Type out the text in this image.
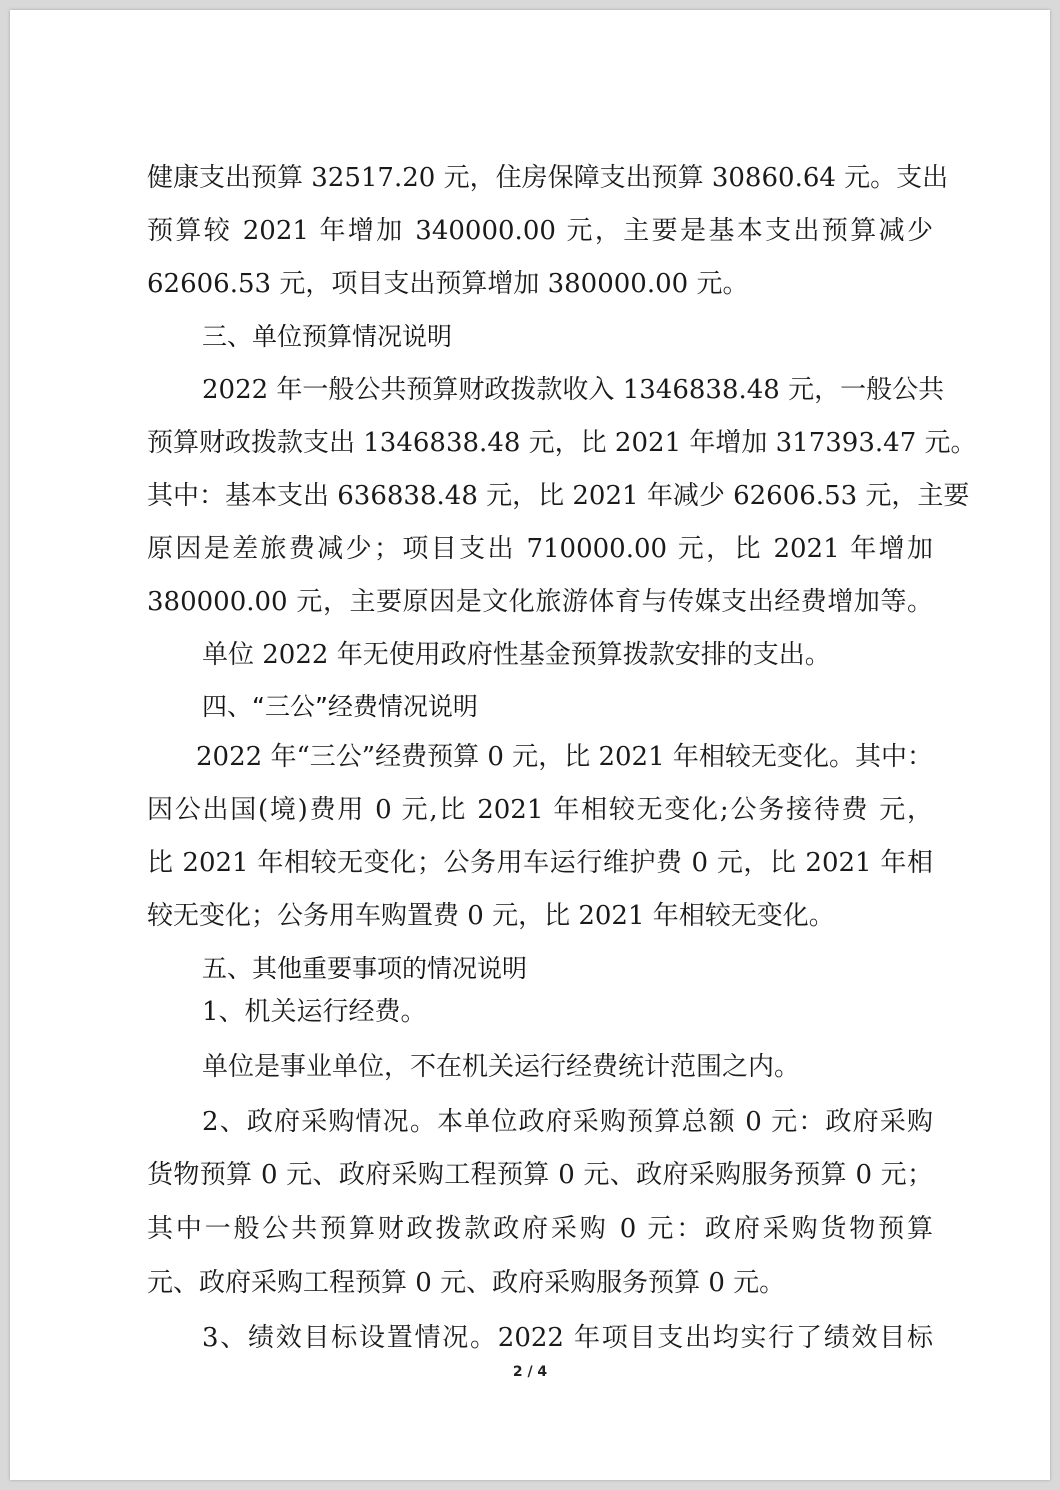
健康支出预算 32517.20 元，住房保障支出预算 30860.64 元。支出
预算较 2021 年增加 340000.00 元，主要是基本支出预算减少
62606.53 元，项目支出预算增加 380000.00 元。
三、单位预算情况说明
2022 年一般公共预算财政拨款收入 1346838.48 元，一般公共
预算财政拨款支出 1346838.48 元，比 2021 年增加 317393.47 元。
其中：基本支出 636838.48 元，比 2021 年减少 62606.53 元，主要
原因是差旅费减少；项目支出 710000.00 元，比 2021 年增加
380000.00 元，主要原因是文化旅游体育与传媒支出经费增加等。
单位 2022 年无使用政府性基金预算拨款安排的支出。
四、“三公”经费情况说明
2022 年“三公”经费预算 0 元，比 2021 年相较无变化。其中：
因公出国(境)费用 0 元,比 2021 年相较无变化;公务接待费 元，
比 2021 年相较无变化；公务用车运行维护费 0 元，比 2021 年相
较无变化；公务用车购置费 0 元，比 2021 年相较无变化。
五、其他重要事项的情况说明
1、机关运行经费。
单位是事业单位，不在机关运行经费统计范围之内。
2、政府采购情况。本单位政府采购预算总额 0 元：政府采购
货物预算 0 元、政府采购工程预算 0 元、政府采购服务预算 0 元；
其中一般公共预算财政拨款政府采购 0 元：政府采购货物预算
元、政府采购工程预算 0 元、政府采购服务预算 0 元。
3、绩效目标设置情况。2022 年项目支出均实行了绩效目标
2 / 4
